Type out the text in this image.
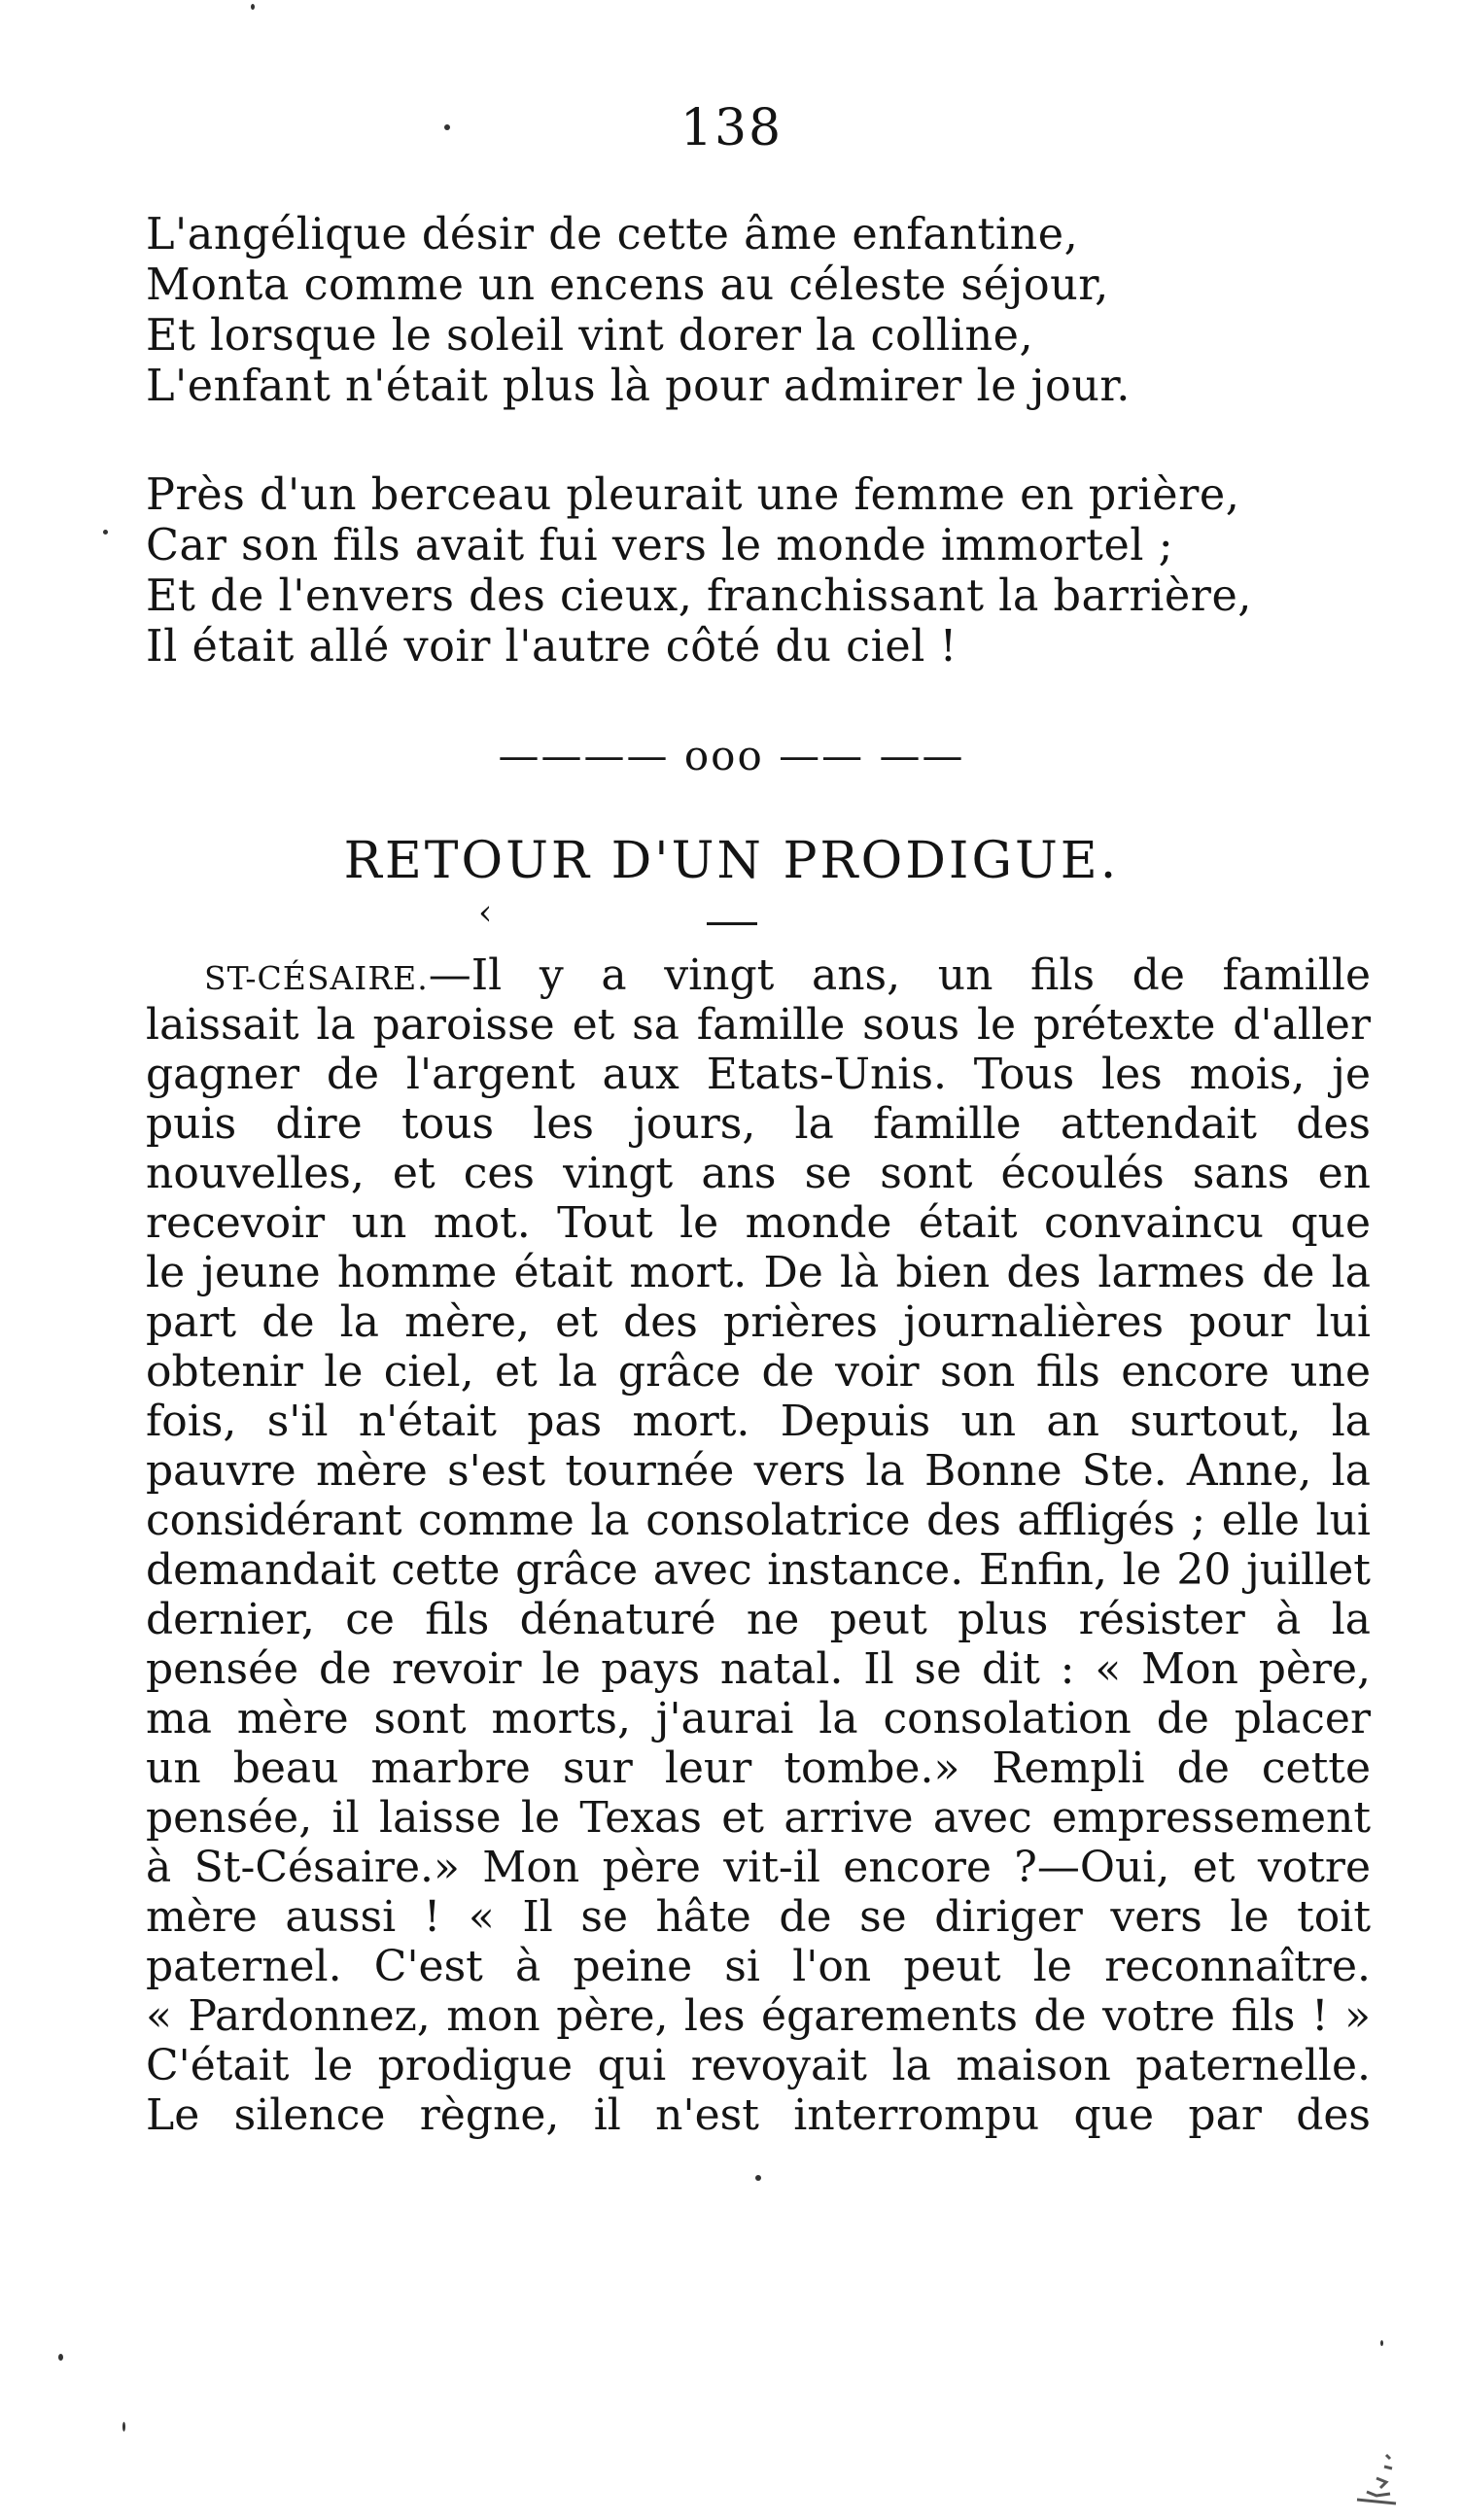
138
L'angélique désir de cette âme enfantine,
Monta comme un encens au céleste séjour,
Et lorsque le soleil vint dorer la colline,
L'enfant n'était plus là pour admirer le jour.
Près d'un berceau pleurait une femme en prière,
Car son fils avait fui vers le monde immortel ;
Et de l'envers des cieux, franchissant la barrière,
Il était allé voir l'autre côté du ciel !
———— ooo —— ——
RETOUR D'UN PRODIGUE.
‹
ST-CÉSAIRE.—Il y a vingt ans, un fils de famille
laissait la paroisse et sa famille sous le prétexte d'aller
gagner de l'argent aux Etats-Unis. Tous les mois, je
puis dire tous les jours, la famille attendait des
nouvelles, et ces vingt ans se sont écoulés sans en
recevoir un mot. Tout le monde était convaincu que
le jeune homme était mort. De là bien des larmes de la
part de la mère, et des prières journalières pour lui
obtenir le ciel, et la grâce de voir son fils encore une
fois, s'il n'était pas mort. Depuis un an surtout, la
pauvre mère s'est tournée vers la Bonne Ste. Anne, la
considérant comme la consolatrice des affligés ; elle lui
demandait cette grâce avec instance. Enfin, le 20 juillet
dernier, ce fils dénaturé ne peut plus résister à la
pensée de revoir le pays natal. Il se dit : « Mon père,
ma mère sont morts, j'aurai la consolation de placer
un beau marbre sur leur tombe.» Rempli de cette
pensée, il laisse le Texas et arrive avec empressement
à St-Césaire.» Mon père vit-il encore ?—Oui, et votre
mère aussi ! « Il se hâte de se diriger vers le toit
paternel. C'est à peine si l'on peut le reconnaître.
« Pardonnez, mon père, les égarements de votre fils ! »
C'était le prodigue qui revoyait la maison paternelle.
Le silence règne, il n'est interrompu que par des
